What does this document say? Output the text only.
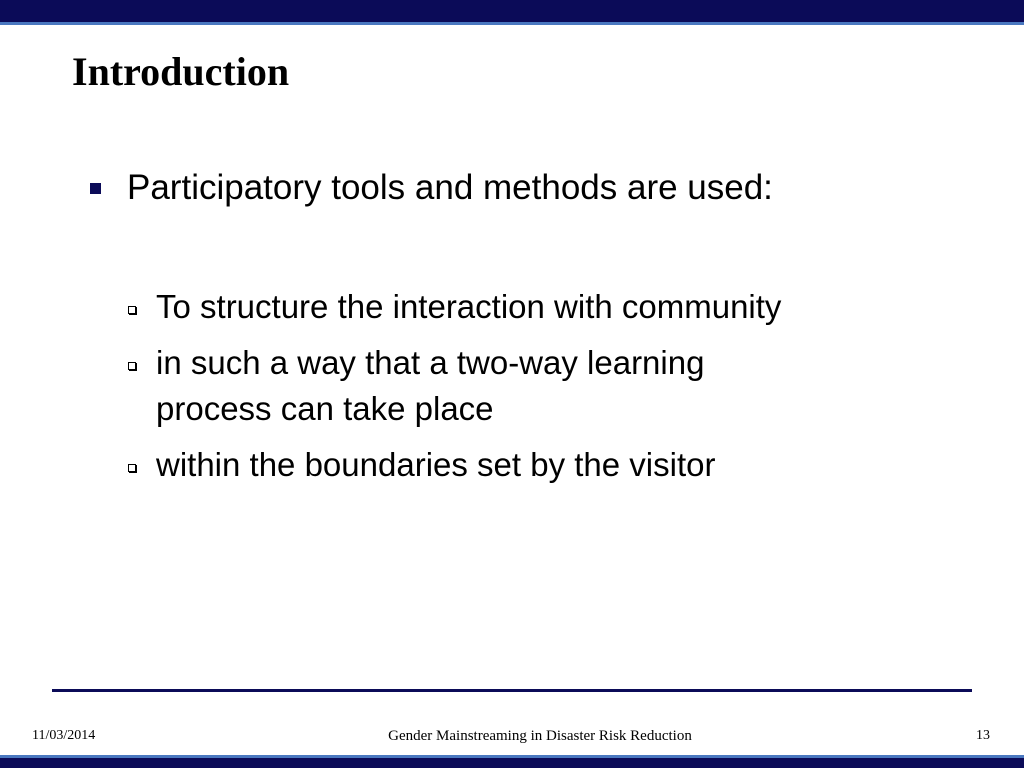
Introduction
Participatory tools and methods are used:
To structure the interaction with community
in such a way that a two-way learning process can take place
within the boundaries set by the visitor
11/03/2014	Gender Mainstreaming in Disaster Risk Reduction	13
